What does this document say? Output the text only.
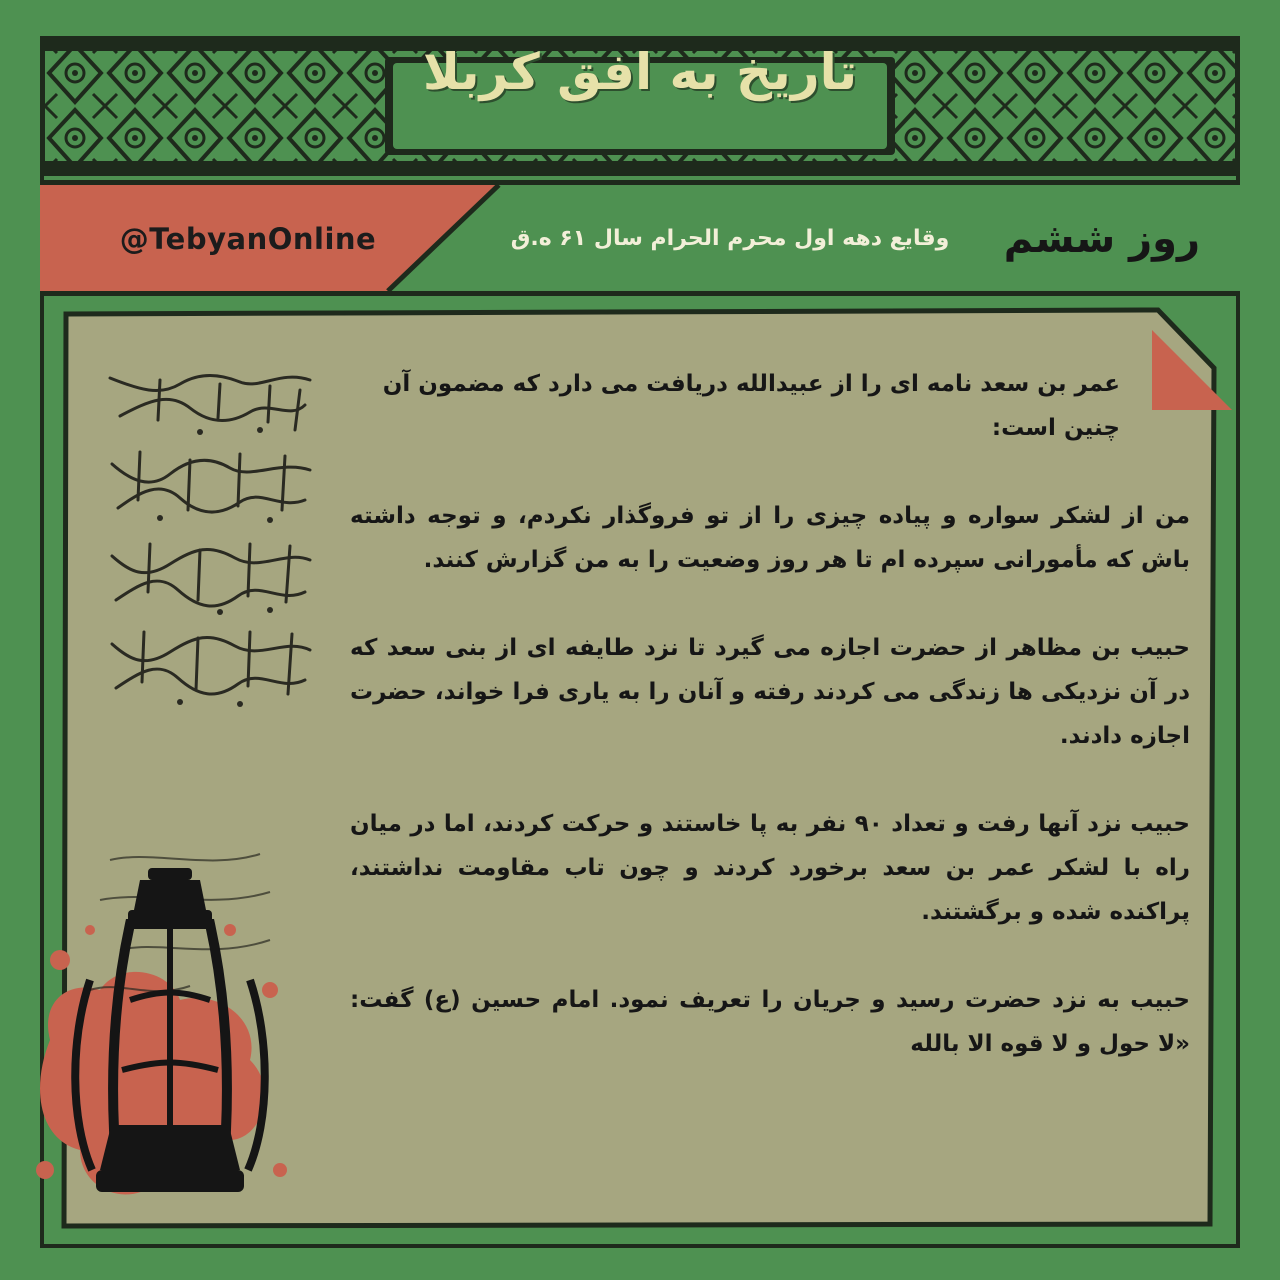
تاریخ به افق کربلا
@TebyanOnline	وقایع دهه اول محرم الحرام سال ۶۱ ه.ق روز ششم

عمر بن سعد نامه ای را از عبیدالله دریافت می دارد که مضمون آن چنین است:

من از لشکر سواره و پیاده چیزی را از تو فروگذار نکردم، و توجه داشته باش که مأمورانی سپرده ام تا هر روز وضعیت را به من گزارش کنند.

حبیب بن مظاهر از حضرت اجازه می گیرد تا نزد طایفه ای از بنی سعد که در آن نزدیکی ها زندگی می کردند رفته و آنان را به یاری فرا خواند، حضرت اجازه دادند.

حبیب نزد آنها رفت و تعداد ۹۰ نفر به پا خاستند و حرکت کردند، اما در میان راه با لشکر عمر بن سعد برخورد کردند و چون تاب مقاومت نداشتند، پراکنده شده و برگشتند.

حبیب به نزد حضرت رسید و جریان را تعریف نمود. امام حسین (ع) گفت: «لا حول و لا قوه الا بالله
